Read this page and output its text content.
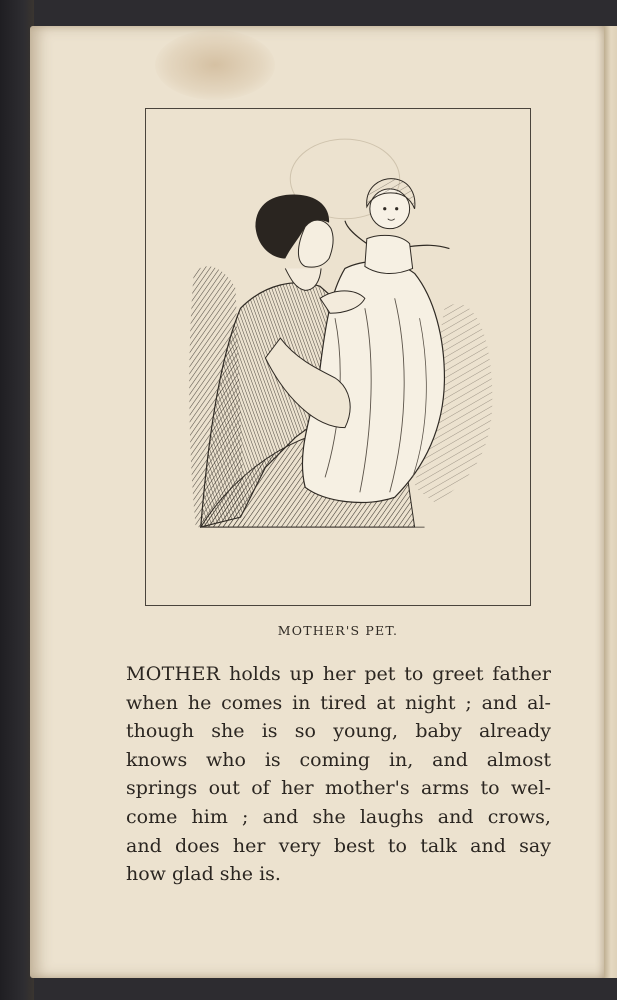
MOTHER'S PET.
MOTHER holds up her pet to greet father
when he comes in tired at night ; and al-
though she is so young, baby already
knows who is coming in, and almost
springs out of her mother's arms to wel-
come him ; and she laughs and crows,
and does her very best to talk and say
how
glad
she
is.
